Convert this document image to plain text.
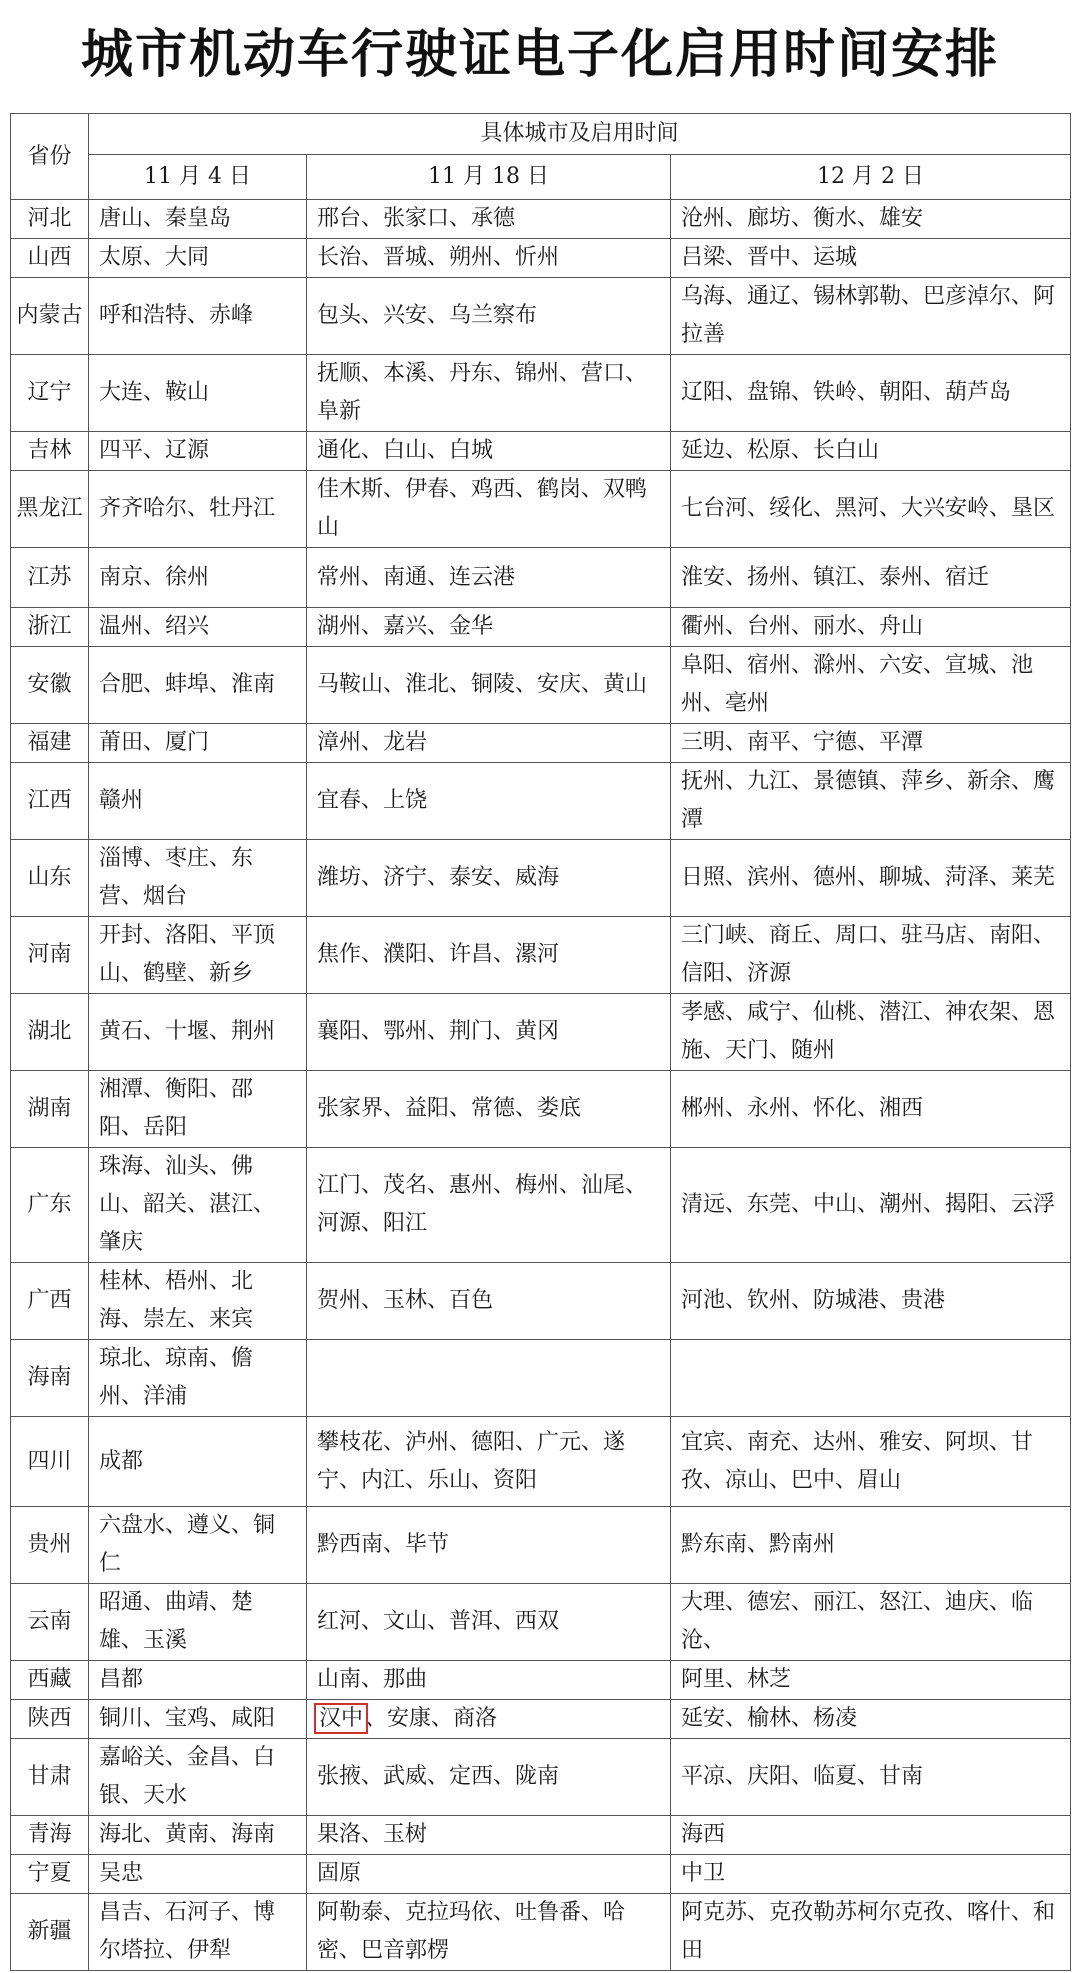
城市机动车行驶证电子化启用时间安排
省份	具体城市及启用时间		
	11 月 4 日	11 月 18 日	12 月 2 日
河北	唐山、秦皇岛	邢台、张家口、承德	沧州、廊坊、衡水、雄安
山西	太原、大同	长治、晋城、朔州、忻州	吕梁、晋中、运城
内蒙古	呼和浩特、赤峰	包头、兴安、乌兰察布	乌海、通辽、锡林郭勒、巴彦淖尔、阿拉善
辽宁	大连、鞍山	抚顺、本溪、丹东、锦州、营口、阜新	辽阳、盘锦、铁岭、朝阳、葫芦岛
吉林	四平、辽源	通化、白山、白城	延边、松原、长白山
黑龙江	齐齐哈尔、牡丹江	佳木斯、伊春、鸡西、鹤岗、双鸭山	七台河、绥化、黑河、大兴安岭、垦区
江苏	南京、徐州	常州、南通、连云港	淮安、扬州、镇江、泰州、宿迁
浙江	温州、绍兴	湖州、嘉兴、金华	衢州、台州、丽水、舟山
安徽	合肥、蚌埠、淮南	马鞍山、淮北、铜陵、安庆、黄山	阜阳、宿州、滁州、六安、宣城、池州、亳州
福建	莆田、厦门	漳州、龙岩	三明、南平、宁德、平潭
江西	赣州	宜春、上饶	抚州、九江、景德镇、萍乡、新余、鹰潭
山东	淄博、枣庄、东营、烟台	潍坊、济宁、泰安、威海	日照、滨州、德州、聊城、菏泽、莱芜
河南	开封、洛阳、平顶山、鹤壁、新乡	焦作、濮阳、许昌、漯河	三门峡、商丘、周口、驻马店、南阳、信阳、济源
湖北	黄石、十堰、荆州	襄阳、鄂州、荆门、黄冈	孝感、咸宁、仙桃、潜江、神农架、恩施、天门、随州
湖南	湘潭、衡阳、邵阳、岳阳	张家界、益阳、常德、娄底	郴州、永州、怀化、湘西
广东	珠海、汕头、佛山、韶关、湛江、肇庆	江门、茂名、惠州、梅州、汕尾、河源、阳江	清远、东莞、中山、潮州、揭阳、云浮
广西	桂林、梧州、北海、崇左、来宾	贺州、玉林、百色	河池、钦州、防城港、贵港
海南	琼北、琼南、儋州、洋浦		
四川	成都	攀枝花、泸州、德阳、广元、遂宁、内江、乐山、资阳	宜宾、南充、达州、雅安、阿坝、甘孜、凉山、巴中、眉山
贵州	六盘水、遵义、铜仁	黔西南、毕节	黔东南、黔南州
云南	昭通、曲靖、楚雄、玉溪	红河、文山、普洱、西双	大理、德宏、丽江、怒江、迪庆、临沧、
西藏	昌都	山南、那曲	阿里、林芝
陕西	铜川、宝鸡、咸阳	汉中、安康、商洛	延安、榆林、杨凌
甘肃	嘉峪关、金昌、白银、天水	张掖、武威、定西、陇南	平凉、庆阳、临夏、甘南
青海	海北、黄南、海南	果洛、玉树	海西
宁夏	吴忠	固原	中卫
新疆	昌吉、石河子、博尔塔拉、伊犁	阿勒泰、克拉玛依、吐鲁番、哈密、巴音郭楞	阿克苏、克孜勒苏柯尔克孜、喀什、和田
